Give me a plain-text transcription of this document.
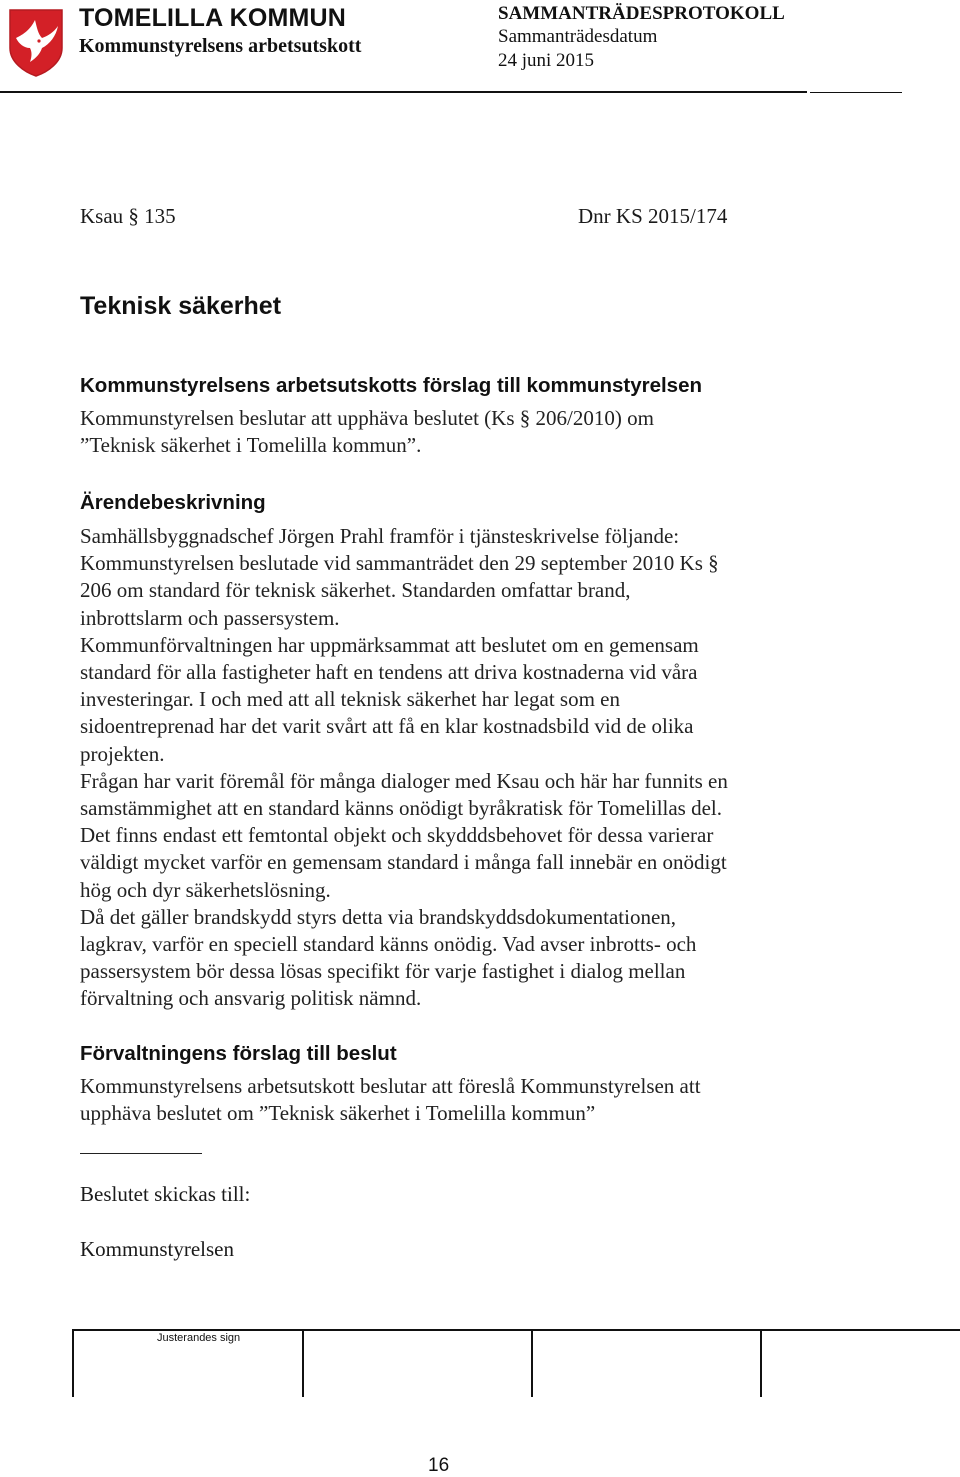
TOMELILLA KOMMUN
Kommunstyrelsens arbetsutskott
SAMMANTRÄDESPROTOKOLL
Sammanträdesdatum
24 juni 2015
Ksau § 135	Dnr KS 2015/174
Teknisk säkerhet
Kommunstyrelsens arbetsutskotts förslag till kommunstyrelsen
Kommunstyrelsen beslutar att upphäva beslutet (Ks § 206/2010) om
”Teknisk säkerhet i Tomelilla kommun”.
Ärendebeskrivning
Samhällsbyggnadschef Jörgen Prahl framför i tjänsteskrivelse följande:
Kommunstyrelsen beslutade vid sammanträdet den 29 september 2010 Ks §
206 om standard för teknisk säkerhet. Standarden omfattar brand,
inbrottslarm och passersystem.
Kommunförvaltningen har uppmärksammat att beslutet om en gemensam
standard för alla fastigheter haft en tendens att driva kostnaderna vid våra
investeringar. I och med att all teknisk säkerhet har legat som en
sidoentreprenad har det varit svårt att få en klar kostnadsbild vid de olika
projekten.
Frågan har varit föremål för många dialoger med Ksau och här har funnits en
samstämmighet att en standard känns onödigt byråkratisk för Tomelillas del.
Det finns endast ett femtontal objekt och skydddsbehovet för dessa varierar
väldigt mycket varför en gemensam standard i många fall innebär en onödigt
hög och dyr säkerhetslösning.
Då det gäller brandskydd styrs detta via brandskyddsdokumentationen,
lagkrav, varför en speciell standard känns onödig. Vad avser inbrotts- och
passersystem bör dessa lösas specifikt för varje fastighet i dialog mellan
förvaltning och ansvarig politisk nämnd.
Förvaltningens förslag till beslut
Kommunstyrelsens arbetsutskott beslutar att föreslå Kommunstyrelsen att
upphäva beslutet om ”Teknisk säkerhet i Tomelilla kommun”
Beslutet skickas till:
Kommunstyrelsen
Justerandes sign
16
